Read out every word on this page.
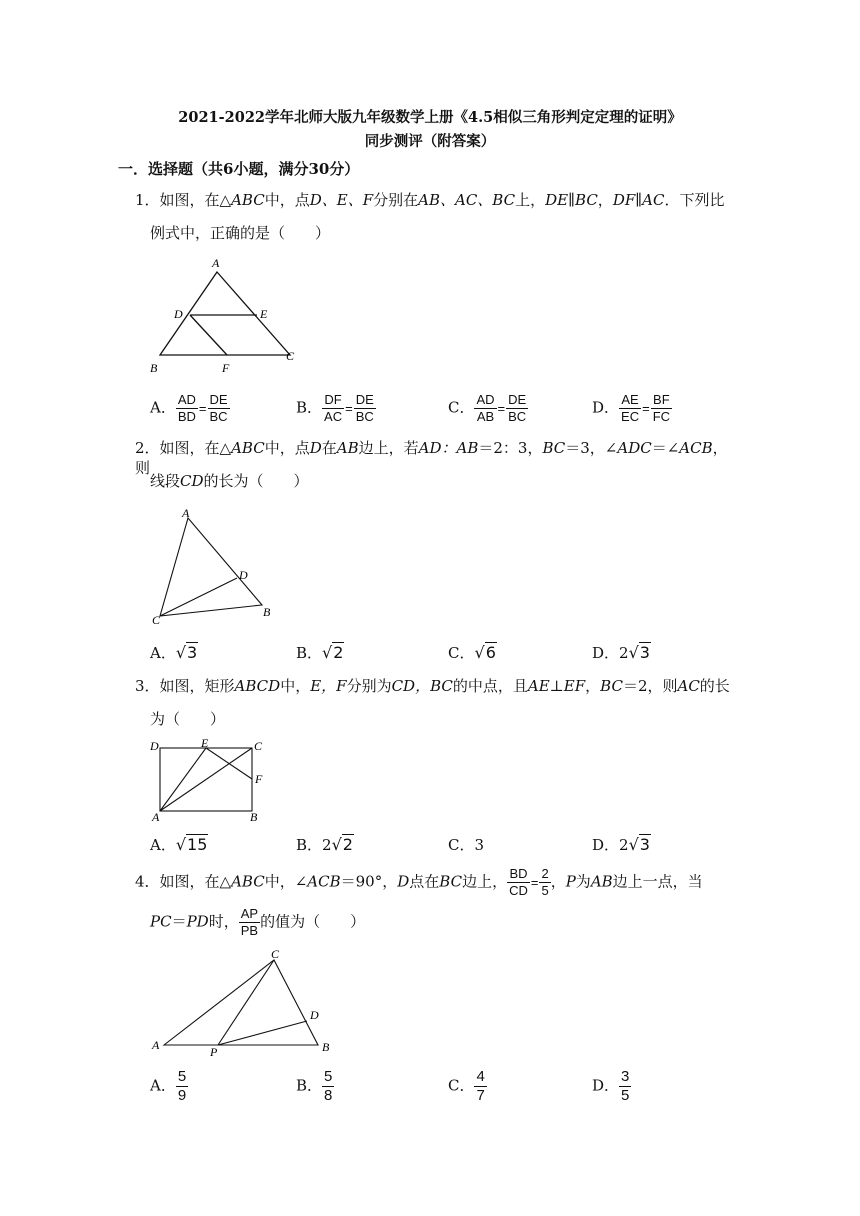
2021-2022学年北师大版九年级数学上册《4.5相似三角形判定定理的证明》
同步测评（附答案）
一．选择题（共6小题，满分30分）
1．如图，在△ABC中，点D、E、F分别在AB、AC、BC上，DE∥BC，DF∥AC．下列比
例式中，正确的是（　　）
A
D	E
B	F
C
A． $\frac{AD}{BD} = \frac{DE}{BC}$	B． $\frac{DF}{AC} = \frac{DE}{BC}$	C． $\frac{AD}{AB} = \frac{DE}{BC}$	D． $\frac{AE}{EC} = \frac{BF}{FC}$
2．如图，在△ABC中，点D在AB边上，若AD：AB＝2：3，BC＝3，∠ADC＝∠ACB，则
线段CD的长为（　　）
A
D
C
B
A．√3	B．√2	C．√6	D．2√3
3．如图，矩形ABCD中，E，F分别为CD，BC的中点，且AE⊥EF，BC＝2，则AC的长
为（　　）
D	E	C
F
A	B
A．√15	B．2√2	C．3	D．2√3
4．如图，在△ABC中，∠ACB＝90°，D点在BC边上， $\frac{BD}{CD} = \frac{2}{5}$ ，P为AB边上一点，当
PC＝PD时， $\frac{AP}{PB}$ 的值为（　　）
C
D
A	P	B
A． $\frac{5}{9}$	B． $\frac{5}{8}$	C． $\frac{4}{7}$	D． $\frac{3}{5}$
